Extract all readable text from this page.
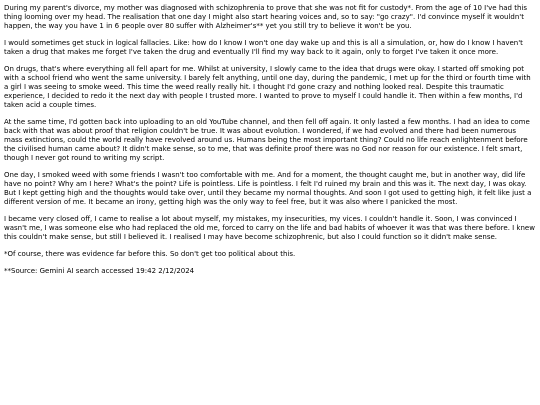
During my parent's divorce, my mother was diagnosed with schizophrenia to prove that she was not fit for custody*. From the age of 10 I've had this thing looming over my head. The realisation that one day I might also start hearing voices and, so to say: "go crazy". I'd convince myself it wouldn't happen, the way you have 1 in 6 people over 80 suffer with Alzheimer's** yet you still try to believe it won't be you.

I would sometimes get stuck in logical fallacies. Like: how do I know I won't one day wake up and this is all a simulation, or, how do I know I haven't taken a drug that makes me forget I've taken the drug and eventually I'll find my way back to it again, only to forget I've taken it once more.

On drugs, that's where everything all fell apart for me. Whilst at university, I slowly came to the idea that drugs were okay. I started off smoking pot with a school friend who went the same university. I barely felt anything, until one day, during the pandemic, I met up for the third or fourth time with a girl I was seeing to smoke weed. This time the weed really really hit. I thought I'd gone crazy and nothing looked real. Despite this traumatic experience, I decided to redo it the next day with people I trusted more. I wanted to prove to myself I could handle it. Then within a few months, I'd taken acid a couple times.

At the same time, I'd gotten back into uploading to an old YouTube channel, and then fell off again. It only lasted a few months. I had an idea to come back with that was about proof that religion couldn't be true. It was about evolution. I wondered, if we had evolved and there had been numerous mass extinctions, could the world really have revolved around us. Humans being the most important thing? Could no life reach enlightenment before the civilised human came about? It didn't make sense, so to me, that was definite proof there was no God nor reason for our existence. I felt smart, though I never got round to writing my script.

One day, I smoked weed with some friends I wasn't too comfortable with me. And for a moment, the thought caught me, but in another way, did life have no point? Why am I here? What's the point? Life is pointless. Life is pointless. I felt I'd ruined my brain and this was it. The next day, I was okay. But I kept getting high and the thoughts would take over, until they became my normal thoughts. And soon I got used to getting high, it felt like just a different version of me. It became an irony, getting high was the only way to feel free, but it was also where I panicked the most.

I became very closed off, I came to realise a lot about myself, my mistakes, my insecurities, my vices. I couldn't handle it. Soon, I was convinced I wasn't me, I was someone else who had replaced the old me, forced to carry on the life and bad habits of whoever it was that was there before. I knew this couldn't make sense, but still I believed it. I realised I may have become schizophrenic, but also I could function so it didn't make sense.

*Of course, there was evidence far before this. So don't get too political about this.

**Source: Gemini AI search accessed 19:42 2/12/2024
